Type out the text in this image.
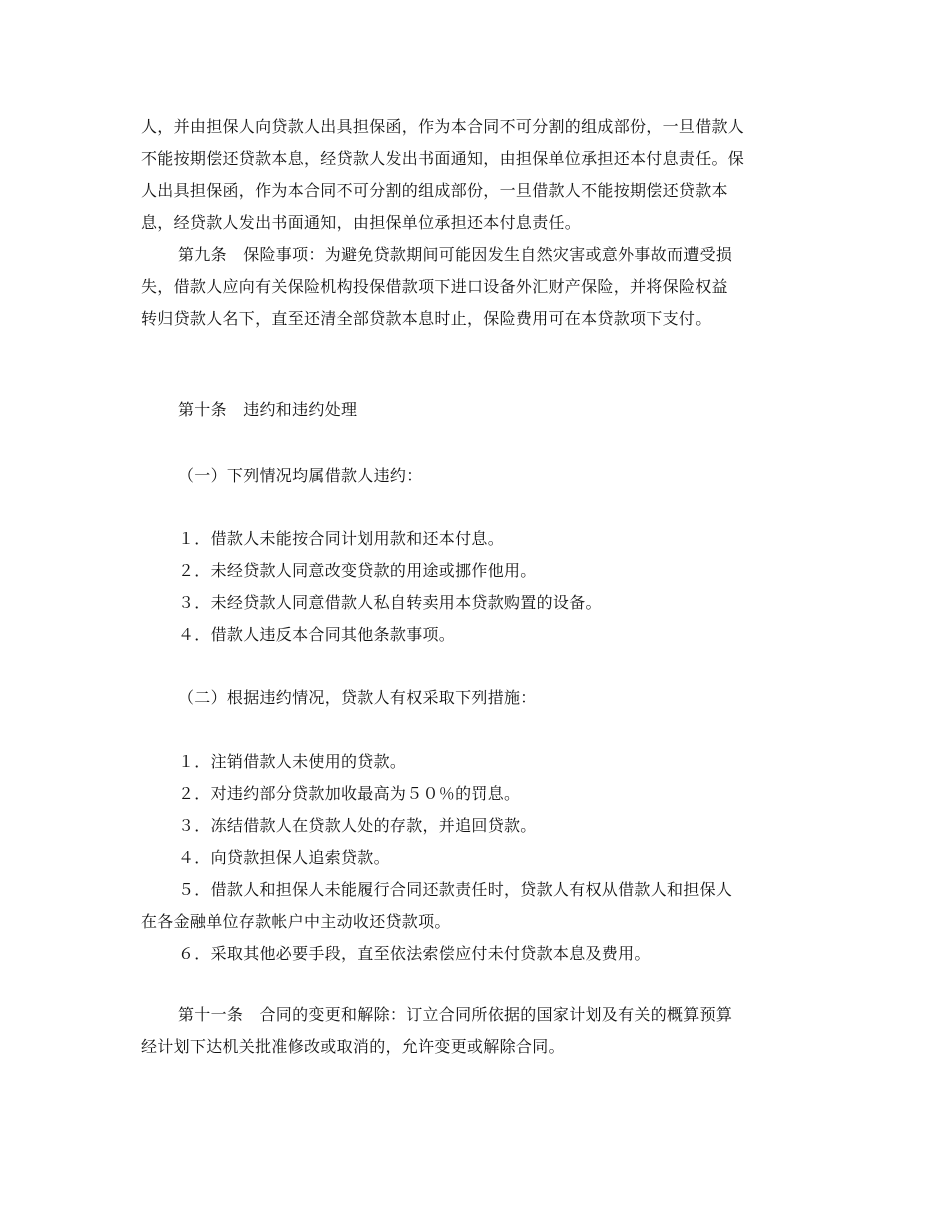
人，并由担保人向贷款人出具担保函，作为本合同不可分割的组成部份，一旦借款人
不能按期偿还贷款本息，经贷款人发出书面通知，由担保单位承担还本付息责任。保
人出具担保函，作为本合同不可分割的组成部份，一旦借款人不能按期偿还贷款本
息，经贷款人发出书面通知，由担保单位承担还本付息责任。
第九条　保险事项：为避免贷款期间可能因发生自然灾害或意外事故而遭受损
失，借款人应向有关保险机构投保借款项下进口设备外汇财产保险，并将保险权益
转归贷款人名下，直至还清全部贷款本息时止，保险费用可在本贷款项下支付。
第十条　违约和违约处理
（一）下列情况均属借款人违约：
１．借款人未能按合同计划用款和还本付息。
２．未经贷款人同意改变贷款的用途或挪作他用。
３．未经贷款人同意借款人私自转卖用本贷款购置的设备。
４．借款人违反本合同其他条款事项。
（二）根据违约情况，贷款人有权采取下列措施：
１．注销借款人未使用的贷款。
２．对违约部分贷款加收最高为５０％的罚息。
３．冻结借款人在贷款人处的存款，并追回贷款。
４．向贷款担保人追索贷款。
５．借款人和担保人未能履行合同还款责任时，贷款人有权从借款人和担保人
在各金融单位存款帐户中主动收还贷款项。
６．采取其他必要手段，直至依法索偿应付未付贷款本息及费用。
第十一条　合同的变更和解除：订立合同所依据的国家计划及有关的概算预算
经计划下达机关批准修改或取消的，允许变更或解除合同。
